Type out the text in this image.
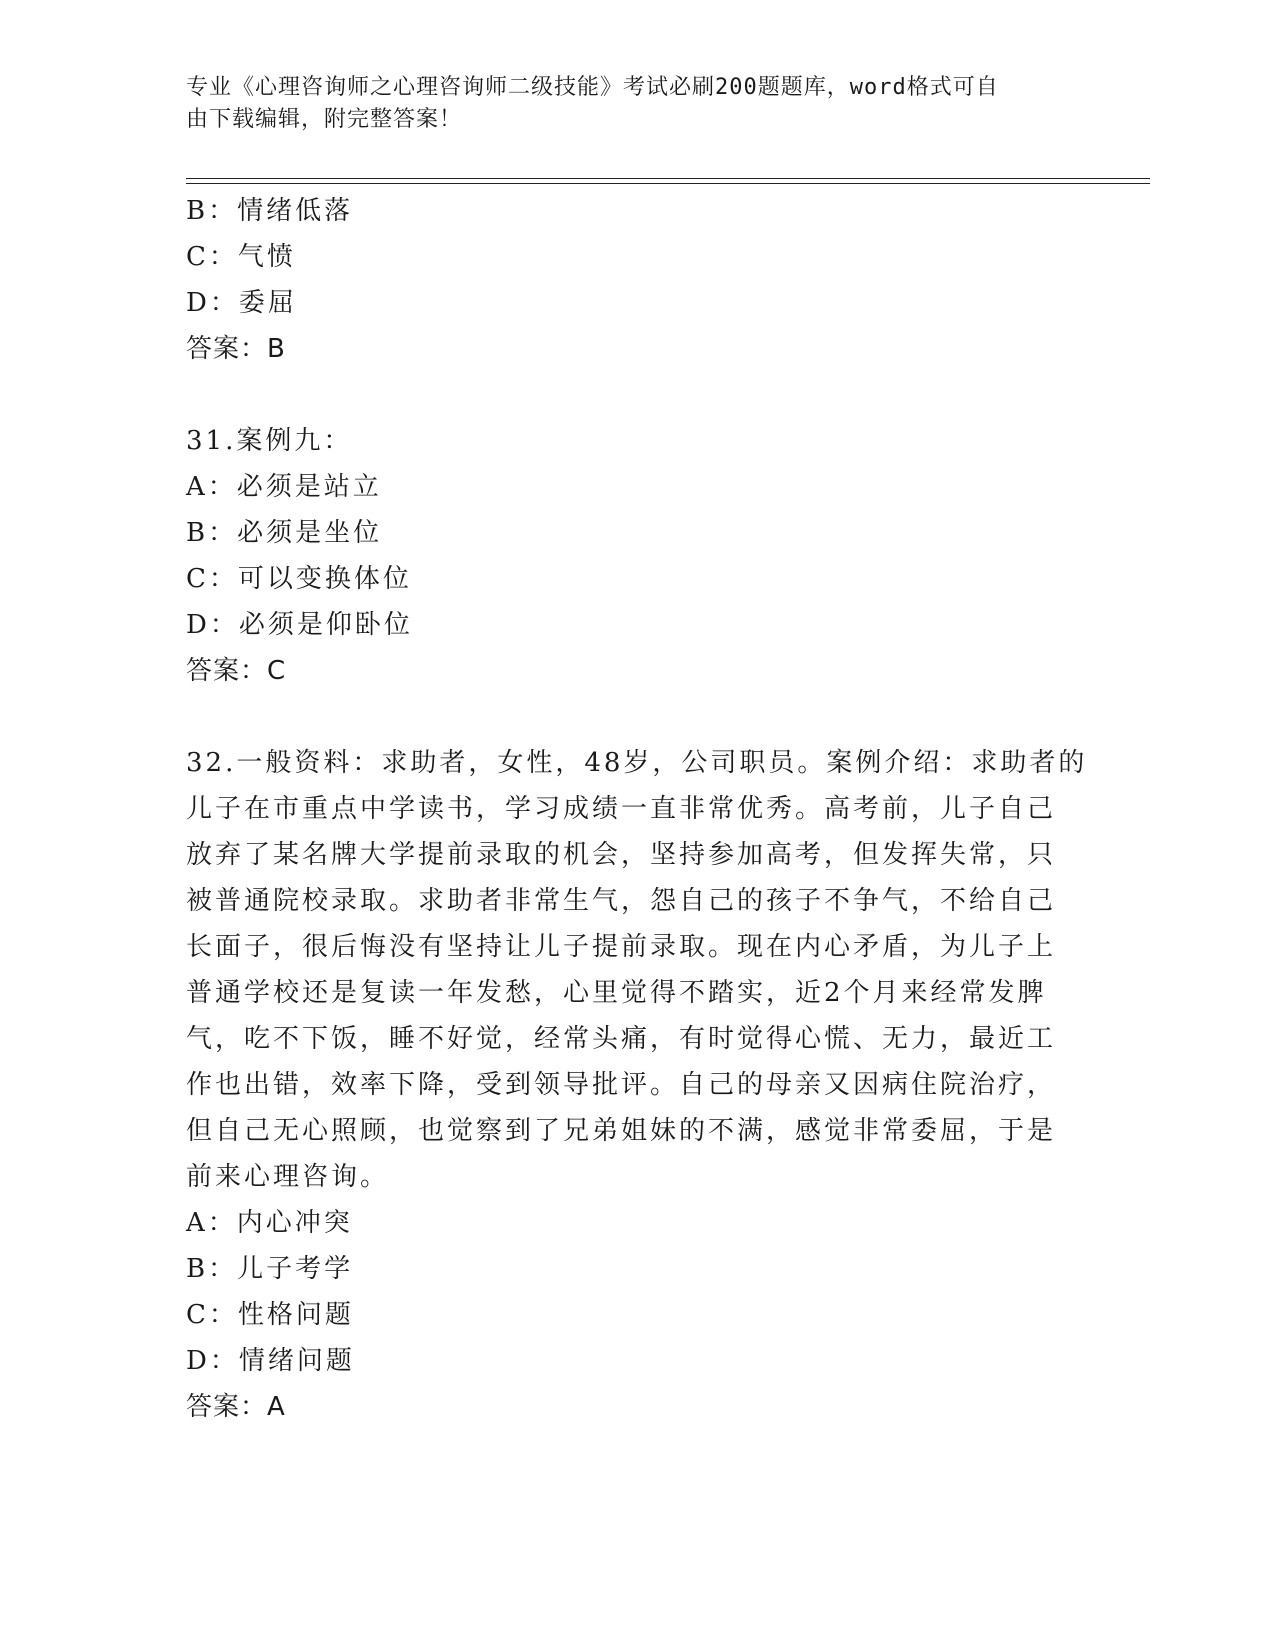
专业《心理咨询师之心理咨询师二级技能》考试必刷200题题库，word格式可自
由下载编辑，附完整答案！

B：情绪低落

C：气愤

D：委屈

答案：B

31.案例九：

A：必须是站立

B：必须是坐位

C：可以变换体位

D：必须是仰卧位

答案：C

32.一般资料：求助者，女性，48岁，公司职员。案例介绍：求助者的

儿子在市重点中学读书，学习成绩一直非常优秀。高考前，儿子自己

放弃了某名牌大学提前录取的机会，坚持参加高考，但发挥失常，只

被普通院校录取。求助者非常生气，怨自己的孩子不争气，不给自己

长面子，很后悔没有坚持让儿子提前录取。现在内心矛盾，为儿子上

普通学校还是复读一年发愁，心里觉得不踏实，近2个月来经常发脾

气，吃不下饭，睡不好觉，经常头痛，有时觉得心慌、无力，最近工

作也出错，效率下降，受到领导批评。自己的母亲又因病住院治疗，

但自己无心照顾，也觉察到了兄弟姐妹的不满，感觉非常委屈，于是

前来心理咨询。

A：内心冲突

B：儿子考学

C：性格问题

D：情绪问题

答案：A
